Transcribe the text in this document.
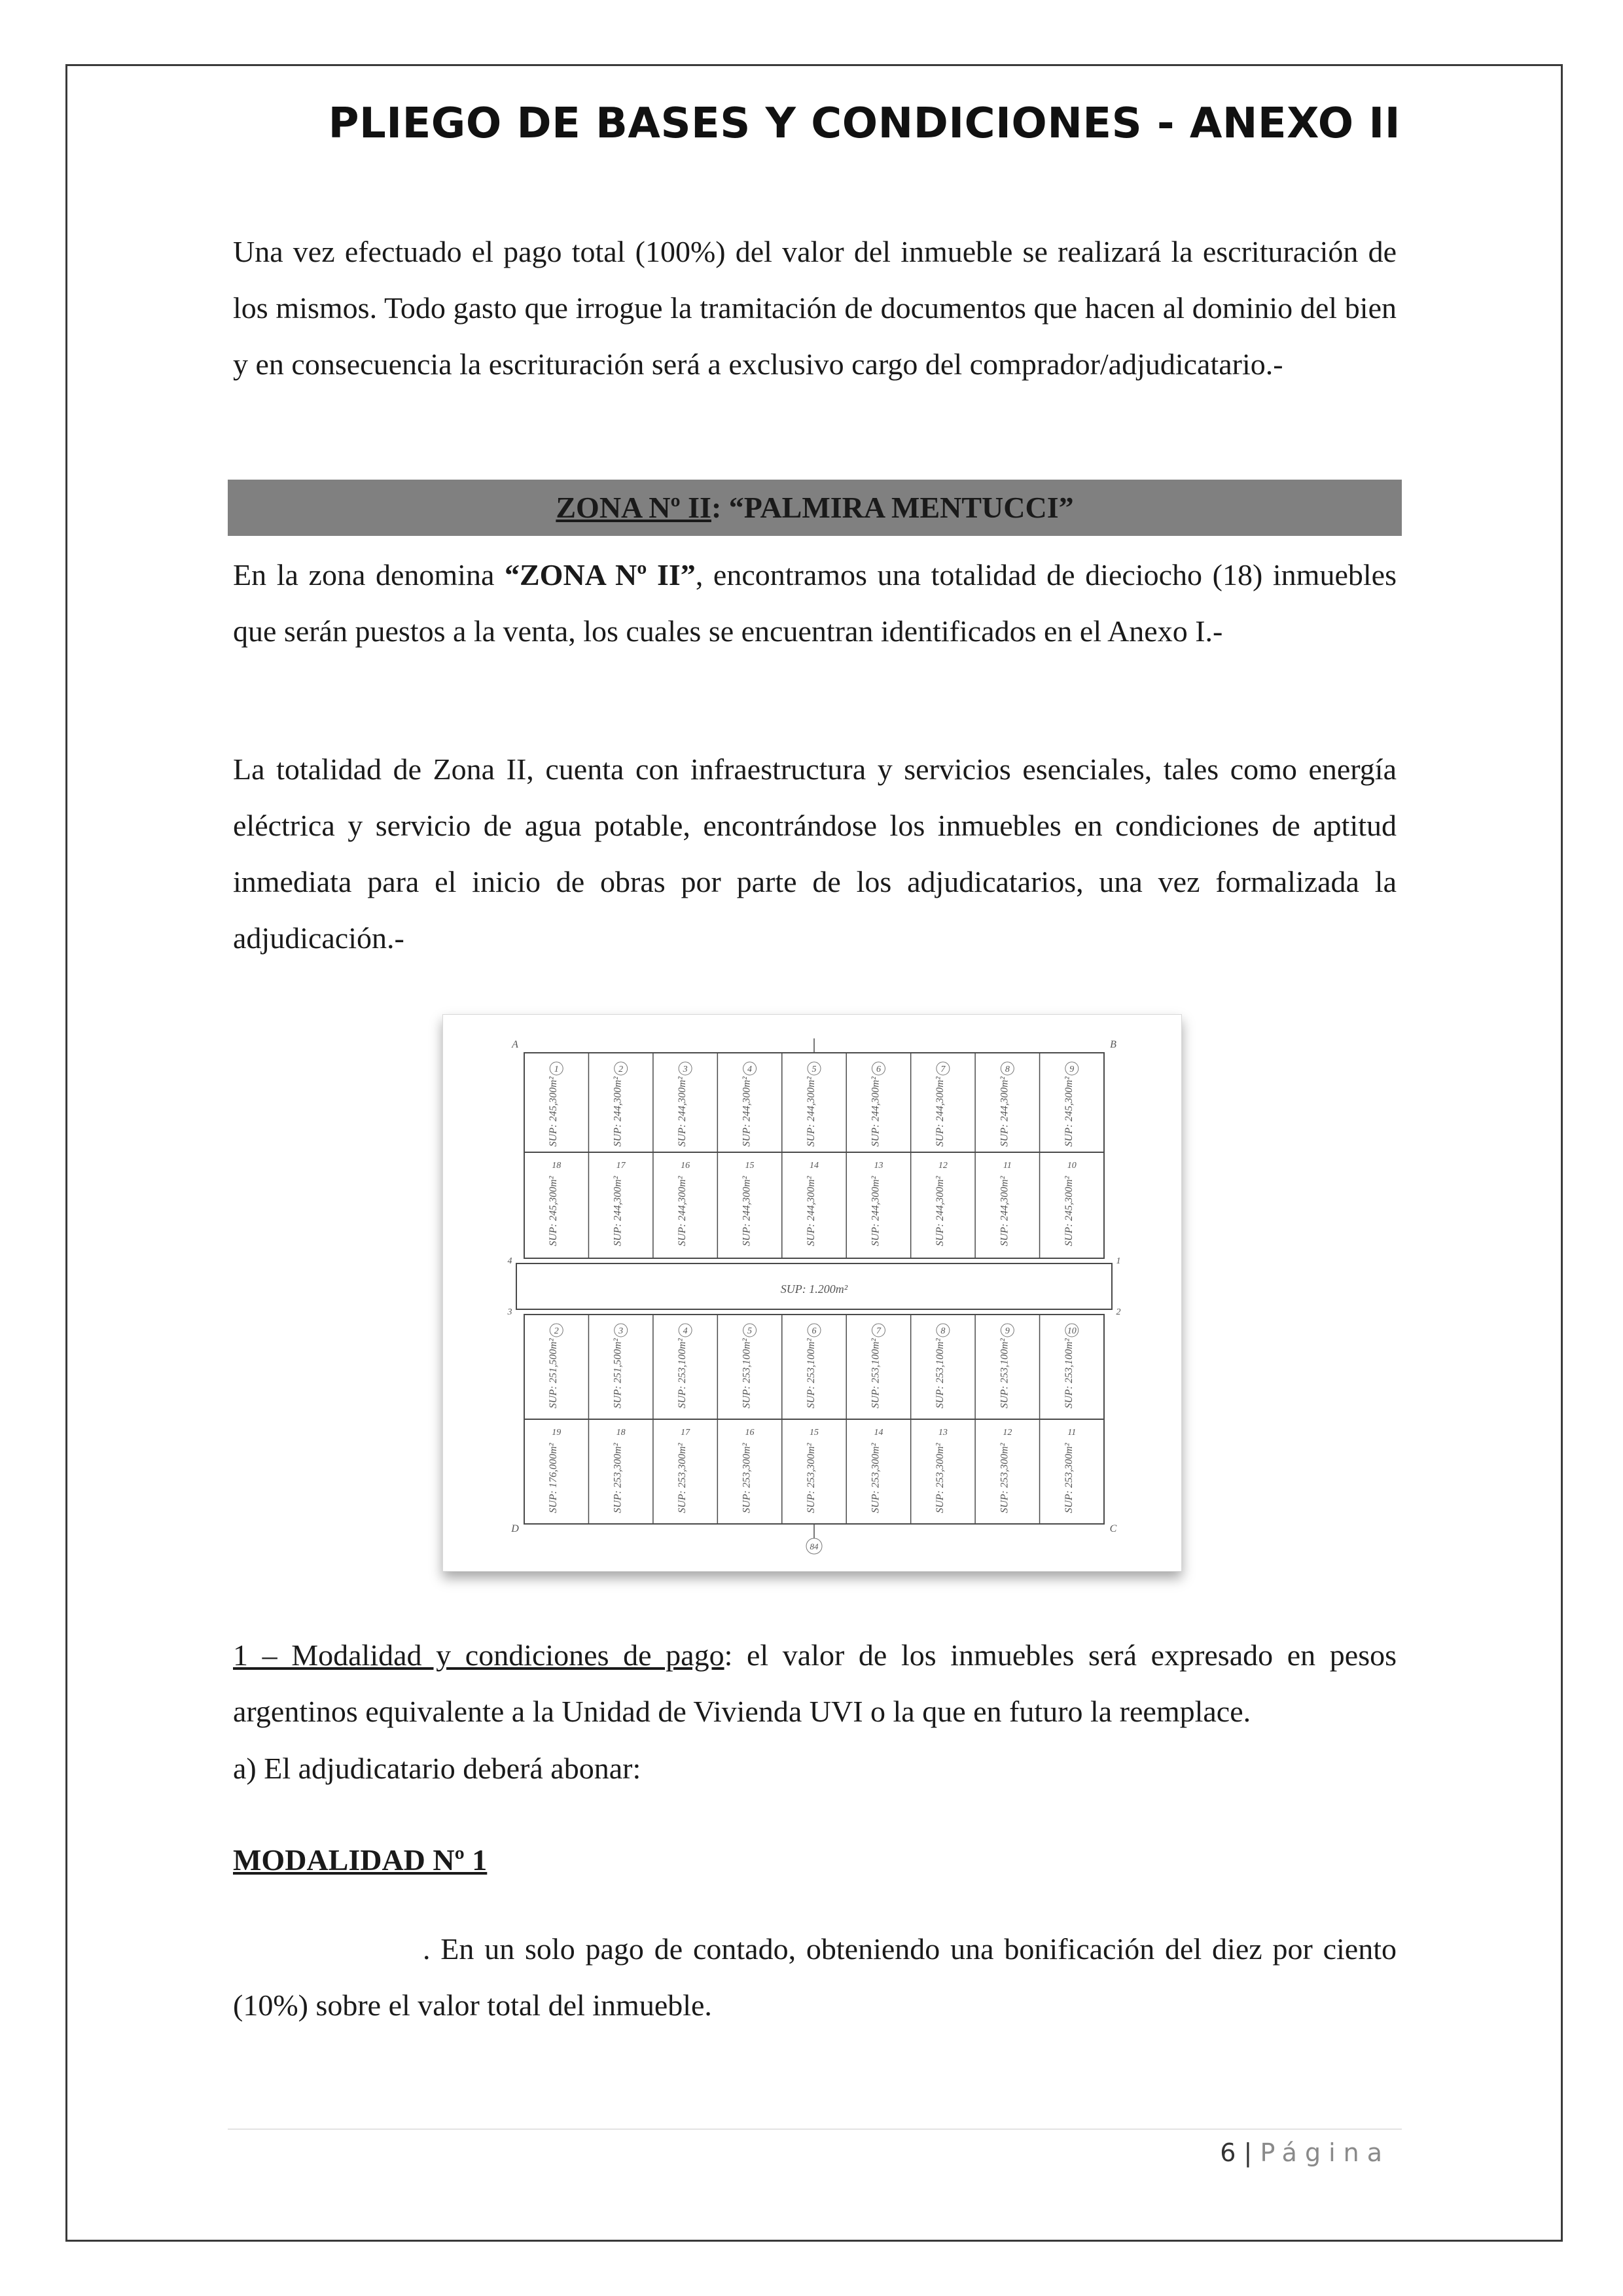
PLIEGO DE BASES Y CONDICIONES - ANEXO II

Una vez efectuado el pago total (100%) del valor del inmueble se realizará la escrituración de los mismos. Todo gasto que irrogue la tramitación de documentos que hacen al dominio del bien y en consecuencia la escrituración será a exclusivo cargo del comprador/adjudicatario.-

ZONA Nº II: “PALMIRA MENTUCCI”

En la zona denomina “ZONA Nº II”, encontramos una totalidad de dieciocho (18) inmuebles que serán puestos a la venta, los cuales se encuentran identificados en el Anexo I.-

La totalidad de Zona II, cuenta con infraestructura y servicios esenciales, tales como energía eléctrica y servicio de agua potable, encontrándose los inmuebles en condiciones de aptitud inmediata para el inicio de obras por parte de los adjudicatarios, una vez formalizada la adjudicación.-

1
SUP: 245,300m²
18
SUP: 245,300m²
2
SUP: 244,300m²
17
SUP: 244,300m²
3
SUP: 244,300m²
16
SUP: 244,300m²
4
SUP: 244,300m²
15
SUP: 244,300m²
5
SUP: 244,300m²
14
SUP: 244,300m²
6
SUP: 244,300m²
13
SUP: 244,300m²
7
SUP: 244,300m²
12
SUP: 244,300m²
8
SUP: 244,300m²
11
SUP: 244,300m²
9
SUP: 245,300m²
10
SUP: 245,300m²
SUP: 1.200m²
2
SUP: 251,500m²
19
SUP: 176,000m²
3
SUP: 251,500m²
18
SUP: 253,300m²
4
SUP: 253,100m²
17
SUP: 253,300m²
5
SUP: 253,100m²
16
SUP: 253,300m²
6
SUP: 253,100m²
15
SUP: 253,300m²
7
SUP: 253,100m²
14
SUP: 253,300m²
8
SUP: 253,100m²
13
SUP: 253,300m²
9
SUP: 253,100m²
12
SUP: 253,300m²
10
SUP: 253,100m²
11
SUP: 253,300m²
A	B
C
D
4
3
1
2
84

1 – Modalidad y condiciones de pago: el valor de los inmuebles será expresado en pesos argentinos equivalente a la Unidad de Vivienda UVI o la que en futuro la reemplace.

a) El adjudicatario deberá abonar:

MODALIDAD Nº 1

. En un solo pago de contado, obteniendo una bonificación del diez por ciento (10%) sobre el valor total del inmueble.

6 | Página
